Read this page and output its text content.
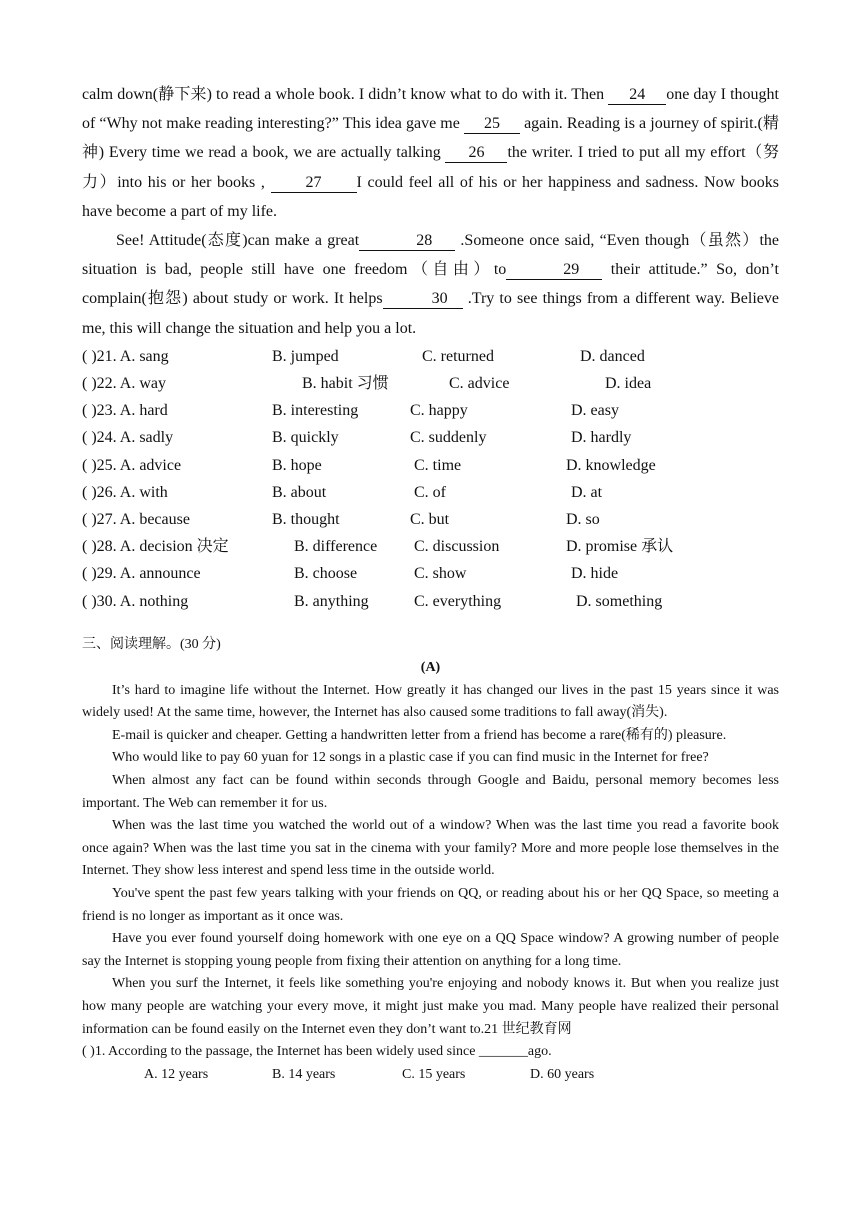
calm down(静下来) to read a whole book. I didn’t know what to do with it. Then 24 one day I thought of “Why not make reading interesting?” This idea gave me 25 again. Reading is a journey of spirit.(精神) Every time we read a book, we are actually talking 26 the writer. I tried to put all my effort（努力）into his or her books , 27 I could feel all of his or her happiness and sadness. Now books have become a part of my life.

See! Attitude(态度)can make a great	28 .Someone once said, “Even though（虽然）the situation is bad, people still have one freedom（自由）to	29 their attitude.” So, don’t complain(抱怨) about study or work. It helps	30 .Try to see things from a different way. Believe me, this will change the situation and help you a lot.

( )21. A. sang	B. jumped	C. returned	D. danced
( )22. A. way	B. habit 习惯	C. advice	D. idea
( )23. A. hard	B. interesting	C. happy	D. easy
( )24. A. sadly	B. quickly	C. suddenly	D. hardly
( )25. A. advice	B. hope	C. time	D. knowledge
( )26. A. with	B. about	C. of	D. at
( )27. A. because	B. thought	C. but	D. so
( )28. A. decision 决定	B. difference C. discussion	D. promise 承认
( )29. A. announce	B. choose	C. show	D. hide
( )30. A. nothing	B. anything	C. everything	D. something
三、阅读理解。(30 分)
(A)

It’s hard to imagine life without the Internet. How greatly it has changed our lives in the past 15 years since it was widely used! At the same time, however, the Internet has also caused some traditions to fall away(消失).

E-mail is quicker and cheaper. Getting a handwritten letter from a friend has become a rare(稀有的) pleasure.

Who would like to pay 60 yuan for 12 songs in a plastic case if you can find music in the Internet for free?

When almost any fact can be found within seconds through Google and Baidu, personal memory becomes less important. The Web can remember it for us.

When was the last time you watched the world out of a window? When was the last time you read a favorite book once again? When was the last time you sat in the cinema with your family? More and more people lose themselves in the Internet. They show less interest and spend less time in the outside world.

You've spent the past few years talking with your friends on QQ, or reading about his or her QQ Space, so meeting a friend is no longer as important as it once was.

Have you ever found yourself doing homework with one eye on a QQ Space window? A growing number of people say the Internet is stopping young people from fixing their attention on anything for a long time.

When you surf the Internet, it feels like something you're enjoying and nobody knows it. But when you realize just how many people are watching your every move, it might just make you mad. Many people have realized their personal information can be found easily on the Internet even they don’t want to.21 世纪教育网

( )1. According to the passage, the Internet has been widely used since _______ago.
A. 12 years	B. 14 years	C. 15 years	D. 60 years
